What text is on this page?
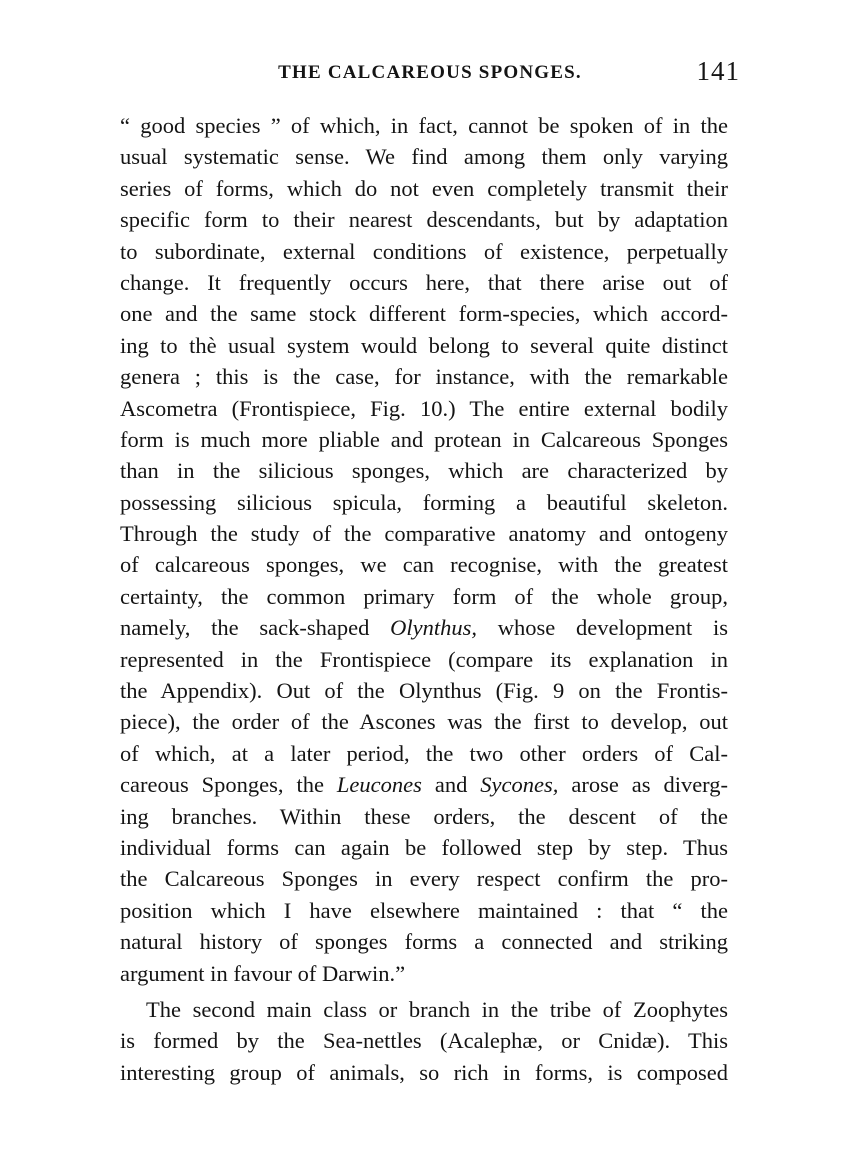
THE CALCAREOUS SPONGES.	141
“ good species ” of which, in fact, cannot be spoken of in the
usual systematic sense. We find among them only varying
series of forms, which do not even completely transmit their
specific form to their nearest descendants, but by adaptation
to subordinate, external conditions of existence, perpetually
change. It frequently occurs here, that there arise out of
one and the same stock different form-species, which accord-
ing to thè usual system would belong to several quite distinct
genera ; this is the case, for instance, with the remarkable
Ascometra (Frontispiece, Fig. 10.) The entire external bodily
form is much more pliable and protean in Calcareous Sponges
than in the silicious sponges, which are characterized by
possessing silicious spicula, forming a beautiful skeleton.
Through the study of the comparative anatomy and ontogeny
of calcareous sponges, we can recognise, with the greatest
certainty, the common primary form of the whole group,
namely, the sack-shaped Olynthus, whose development is
represented in the Frontispiece (compare its explanation in
the Appendix). Out of the Olynthus (Fig. 9 on the Frontis-
piece), the order of the Ascones was the first to develop, out
of which, at a later period, the two other orders of Cal-
careous Sponges, the Leucones and Sycones, arose as diverg-
ing branches. Within these orders, the descent of the
individual forms can again be followed step by step. Thus
the Calcareous Sponges in every respect confirm the pro-
position which I have elsewhere maintained : that “ the
natural history of sponges forms a connected and striking
argument in favour of Darwin.”
The second main class or branch in the tribe of Zoophytes
is formed by the Sea-nettles (Acalephæ, or Cnidæ). This
interesting group of animals, so rich in forms, is composed
